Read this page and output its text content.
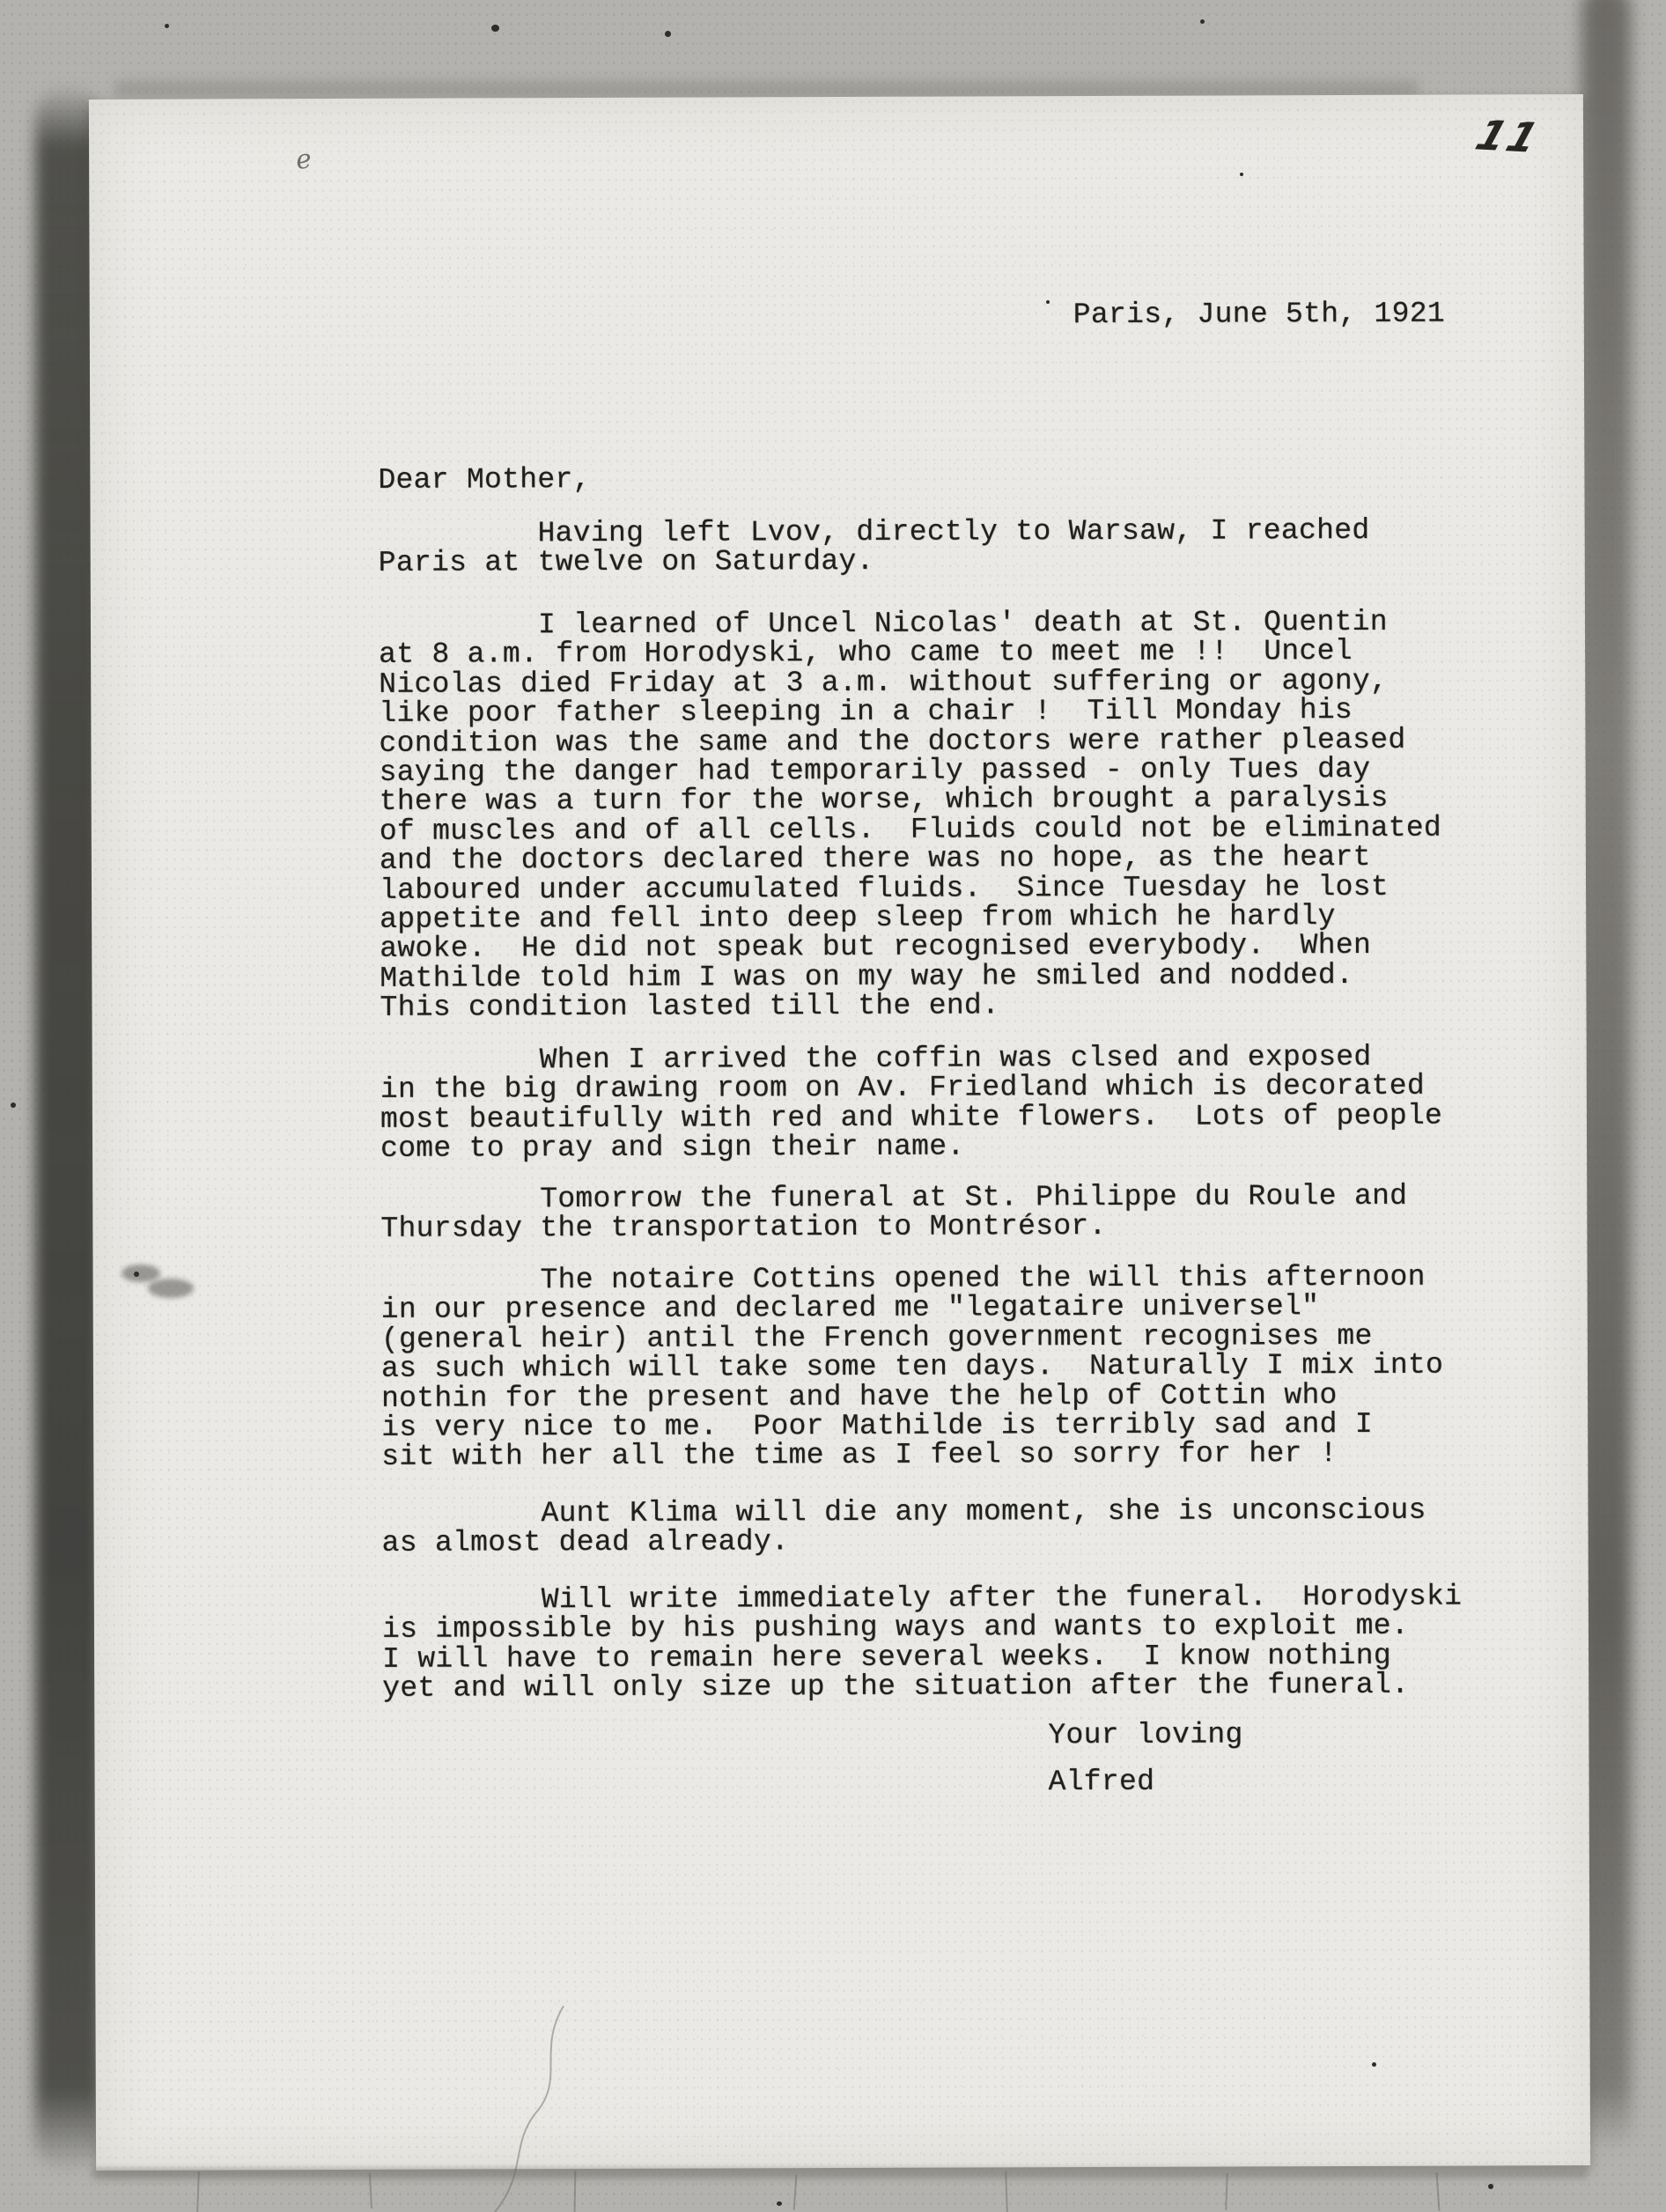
Paris, June 5th, 1921
Dear Mother,
Having left Lvov, directly to Warsaw, I reached
Paris at twelve on Saturday.
I learned of Uncel Nicolas' death at St. Quentin
at 8 a.m. from Horodyski, who came to meet me !!  Uncel
Nicolas died Friday at 3 a.m. without suffering or agony,
like poor father sleeping in a chair !  Till Monday his
condition was the same and the doctors were rather pleased
saying the danger had temporarily passed - only Tues day
there was a turn for the worse, which brought a paralysis
of muscles and of all cells.  Fluids could not be eliminated
and the doctors declared there was no hope, as the heart
laboured under accumulated fluids.  Since Tuesday he lost
appetite and fell into deep sleep from which he hardly
awoke.  He did not speak but recognised everybody.  When
Mathilde told him I was on my way he smiled and nodded.
This condition lasted till the end.
When I arrived the coffin was clsed and exposed
in the big drawing room on Av. Friedland which is decorated
most beautifully with red and white flowers.  Lots of people
come to pray and sign their name.
Tomorrow the funeral at St. Philippe du Roule and
Thursday the transportation to Montrésor.
The notaire Cottins opened the will this afternoon
in our presence and declared me "legataire universel"
(general heir) antil the French government recognises me
as such which will take some ten days.  Naturally I mix into
nothin for the present and have the help of Cottin who
is very nice to me.  Poor Mathilde is terribly sad and I
sit with her all the time as I feel so sorry for her !
Aunt Klima will die any moment, she is unconscious
as almost dead already.
Will write immediately after the funeral.  Horodyski
is impossible by his pushing ways and wants to exploit me.
I will have to remain here several weeks.  I know nothing
yet and will only size up the situation after the funeral.
Your loving
Alfred
11
e
